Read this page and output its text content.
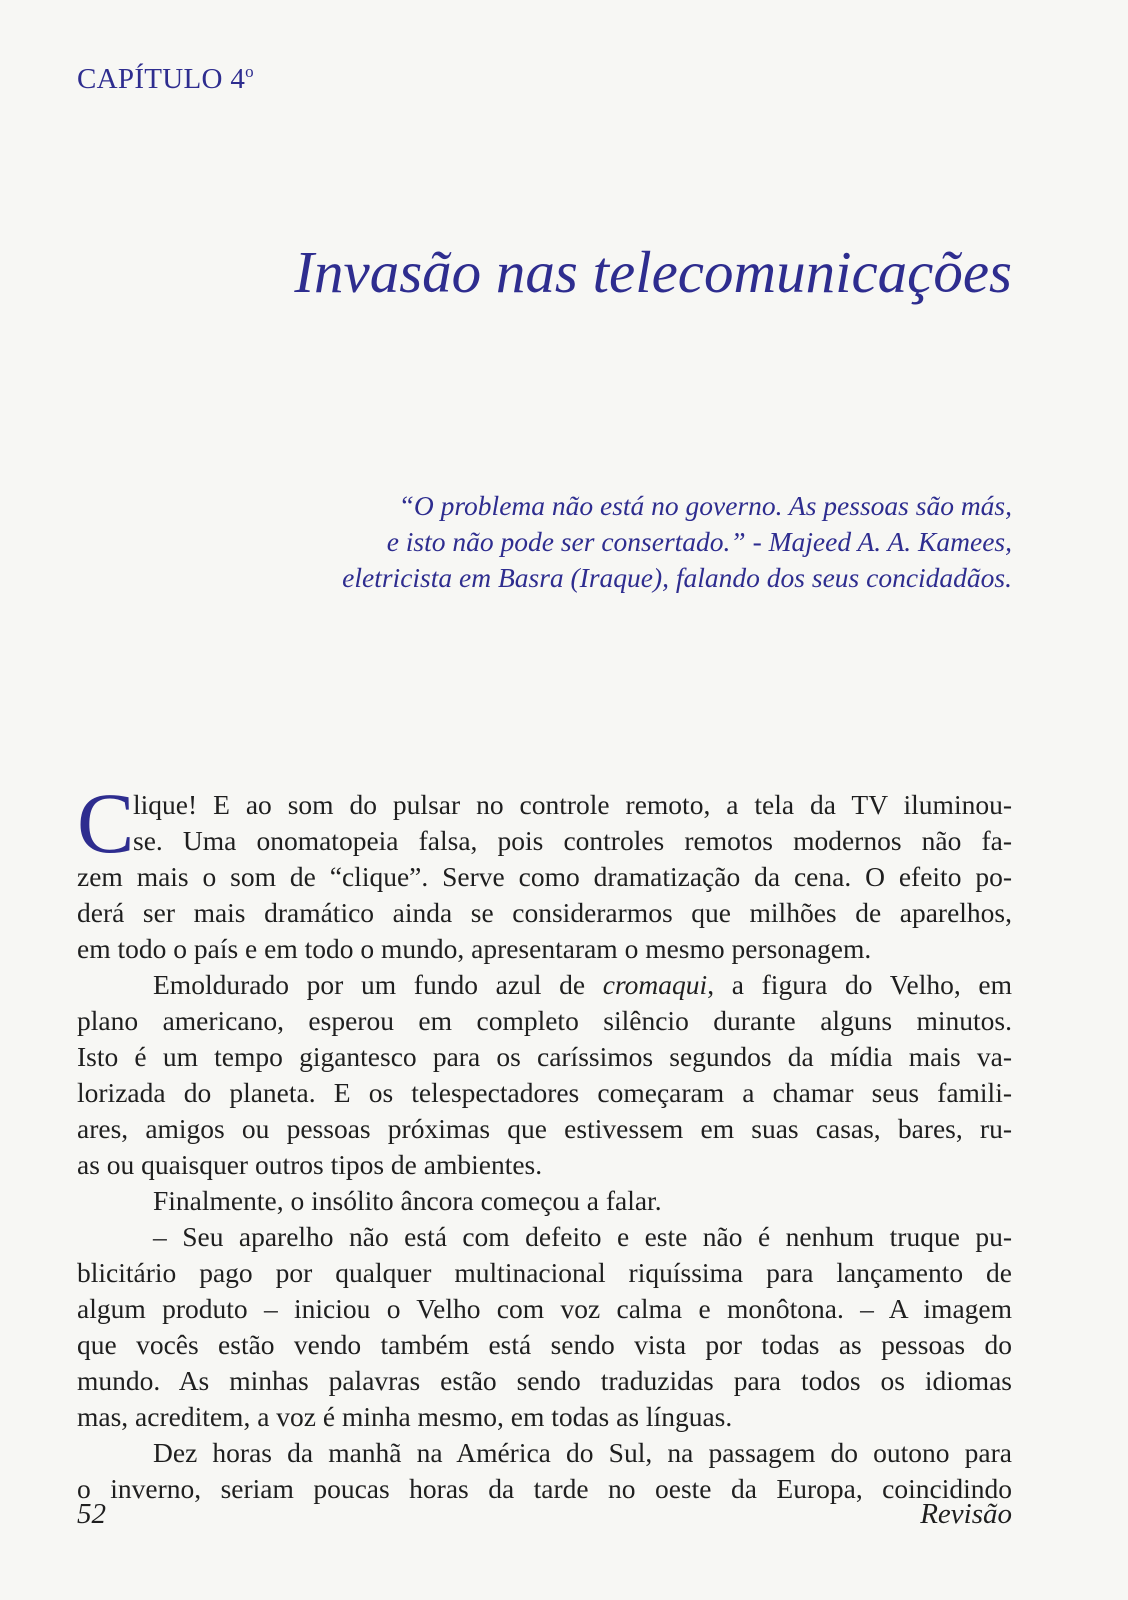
CAPÍTULO 4$^o$
Invasão nas telecomunicações
“O problema não está no governo. As pessoas são más,
e isto não pode ser consertado.” - Majeed A. A. Kamees,
eletricista em Basra (Iraque), falando dos seus concidadãos.
C
lique! E ao som do pulsar no controle remoto, a tela da TV iluminou-
se. Uma onomatopeia falsa, pois controles remotos modernos não fa-
zem mais o som de “clique”. Serve como dramatização da cena. O efeito po-
derá ser mais dramático ainda se considerarmos que milhões de aparelhos,
em todo o país e em todo o mundo, apresentaram o mesmo personagem.
Emoldurado por um fundo azul de cromaqui, a figura do Velho, em
plano americano, esperou em completo silêncio durante alguns minutos.
Isto é um tempo gigantesco para os caríssimos segundos da mídia mais va-
lorizada do planeta. E os telespectadores começaram a chamar seus famili-
ares, amigos ou pessoas próximas que estivessem em suas casas, bares, ru-
as ou quaisquer outros tipos de ambientes.
Finalmente, o insólito âncora começou a falar.
– Seu aparelho não está com defeito e este não é nenhum truque pu-
blicitário pago por qualquer multinacional riquíssima para lançamento de
algum produto – iniciou o Velho com voz calma e monôtona. – A imagem
que vocês estão vendo também está sendo vista por todas as pessoas do
mundo. As minhas palavras estão sendo traduzidas para todos os idiomas
mas, acreditem, a voz é minha mesmo, em todas as línguas.
Dez horas da manhã na América do Sul, na passagem do outono para
o inverno, seriam poucas horas da tarde no oeste da Europa, coincidindo
52	Revisão
